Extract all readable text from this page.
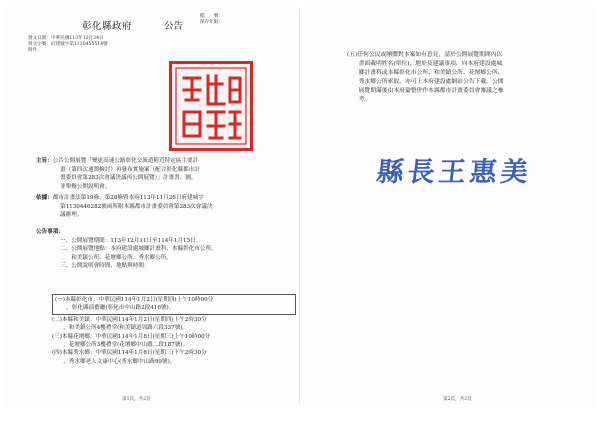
檔　　號：
保存年限：
彰化縣政府	公告
發文日期：中華民國113年12月24日
發文字號：府建城字第1130455514號
附件：
主旨：公告公開展覽「變更高速公路彰化交流道附近特定區主要計
畫（第四次通盤檢討）再發布實施案（配合彰化縣都市計
畫委員會第283次會議決議再公開展覽）」計畫書、圖，
並舉辦公開說明會。
依據：都市計畫法第19條、第28條暨本府113年11月26日府建城字
第1130446282號函所附本縣都市計畫委員會第283次會議決
議辦理。
公告事項：
一、公開展覽期間：113年12月11日至114年1月15日。
二、公開展覽地點：本府建設處城鄉計畫科、本縣彰化市公所、
　　和美鎮公所、花壇鄉公所、秀水鄉公所。
三、公開說明會時間、地點與時間：
(一)本縣彰化市：中華民國114年1月2日(星期四)上午10時00分
　　，彰化縣演藝廳(彰化市中山路2段416號)。
(二)本縣和美鎮：中華民國114年1月2日(星期四)下午2時30分
　　，和美鎮公所4樓禮堂(和美鎮道周路六段337號)。
(三)本縣花壇鄉：中華民國114年1月8日(星期三)上午10時00分
　　，花壇鄉公所3樓禮堂(花壇鄉中山路二段187號)。
(四)本縣秀水鄉：中華民國114年1月8日(星期三)下午2時30分
　　，秀水鄉老人文康中心(秀水鄉中山路99號)。
第1頁，共2頁
(五)任何公民或團體對本案如有意見，請於公開展覽期間內以
　　書面載明姓名(單位)、地址及建議事項，向本府建設處城
　　鄉計畫科或本縣彰化市公所、和美鎮公所、花壇鄉公所、
　　秀水鄉公所索取，亦可上本府建設處網站公告下載，公開
　　展覽期滿後由本府彙整併作本縣都市計畫委員會審議之參
　　考。
縣長王惠美
第2頁，共2頁
